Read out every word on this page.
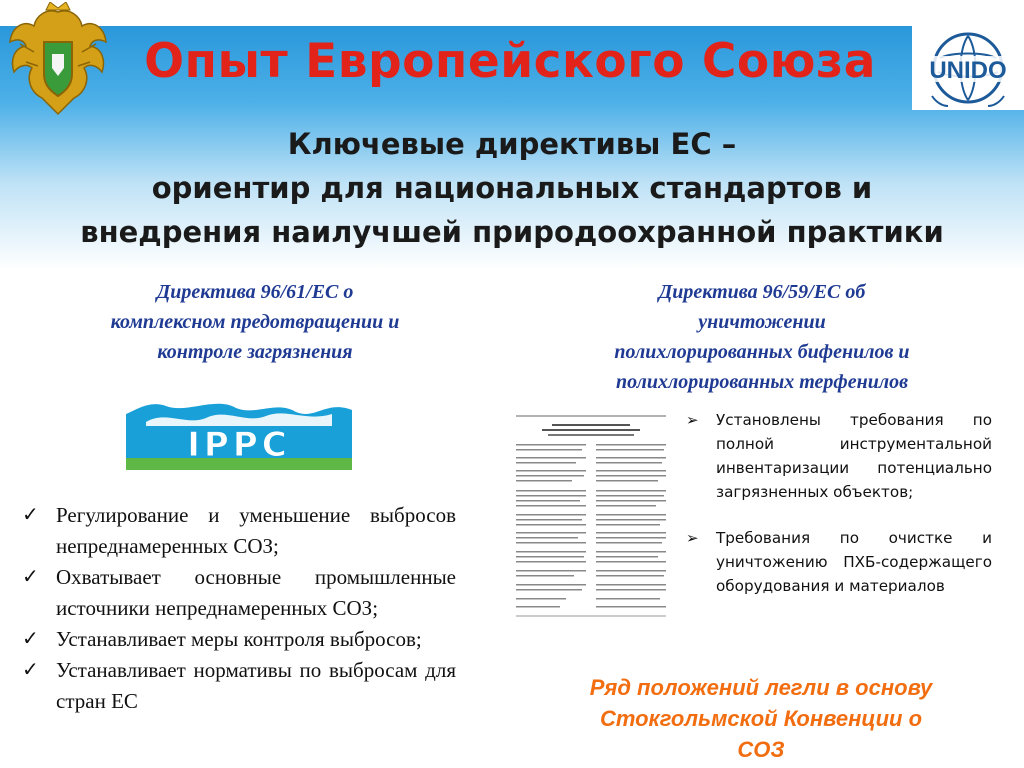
UNIDO
Опыт Европейского Союза
Ключевые директивы ЕС –
ориентир для национальных стандартов и
внедрения наилучшей природоохранной практики
Директива 96/61/ЕС о
комплексном предотвращении и
контроле загрязнения
Директива 96/59/ЕС об
уничтожении
полихлорированных бифенилов и
полихлорированных терфенилов
IPPC
✓ Регулирование и уменьшение выбросов непреднамеренных СОЗ;
✓ Охватывает основные промышленные источники непреднамеренных СОЗ;
✓ Устанавливает меры контроля выбросов;
✓ Устанавливает нормативы по выбросам для стран ЕС
➢ Установлены требования по полной инструментальной инвентаризации потенциально загрязненных объектов;
➢ Требования по очистке и уничтожению ПХБ-содержащего оборудования и материалов
Ряд положений легли в основу
Стокгольмской Конвенции о
СОЗ
